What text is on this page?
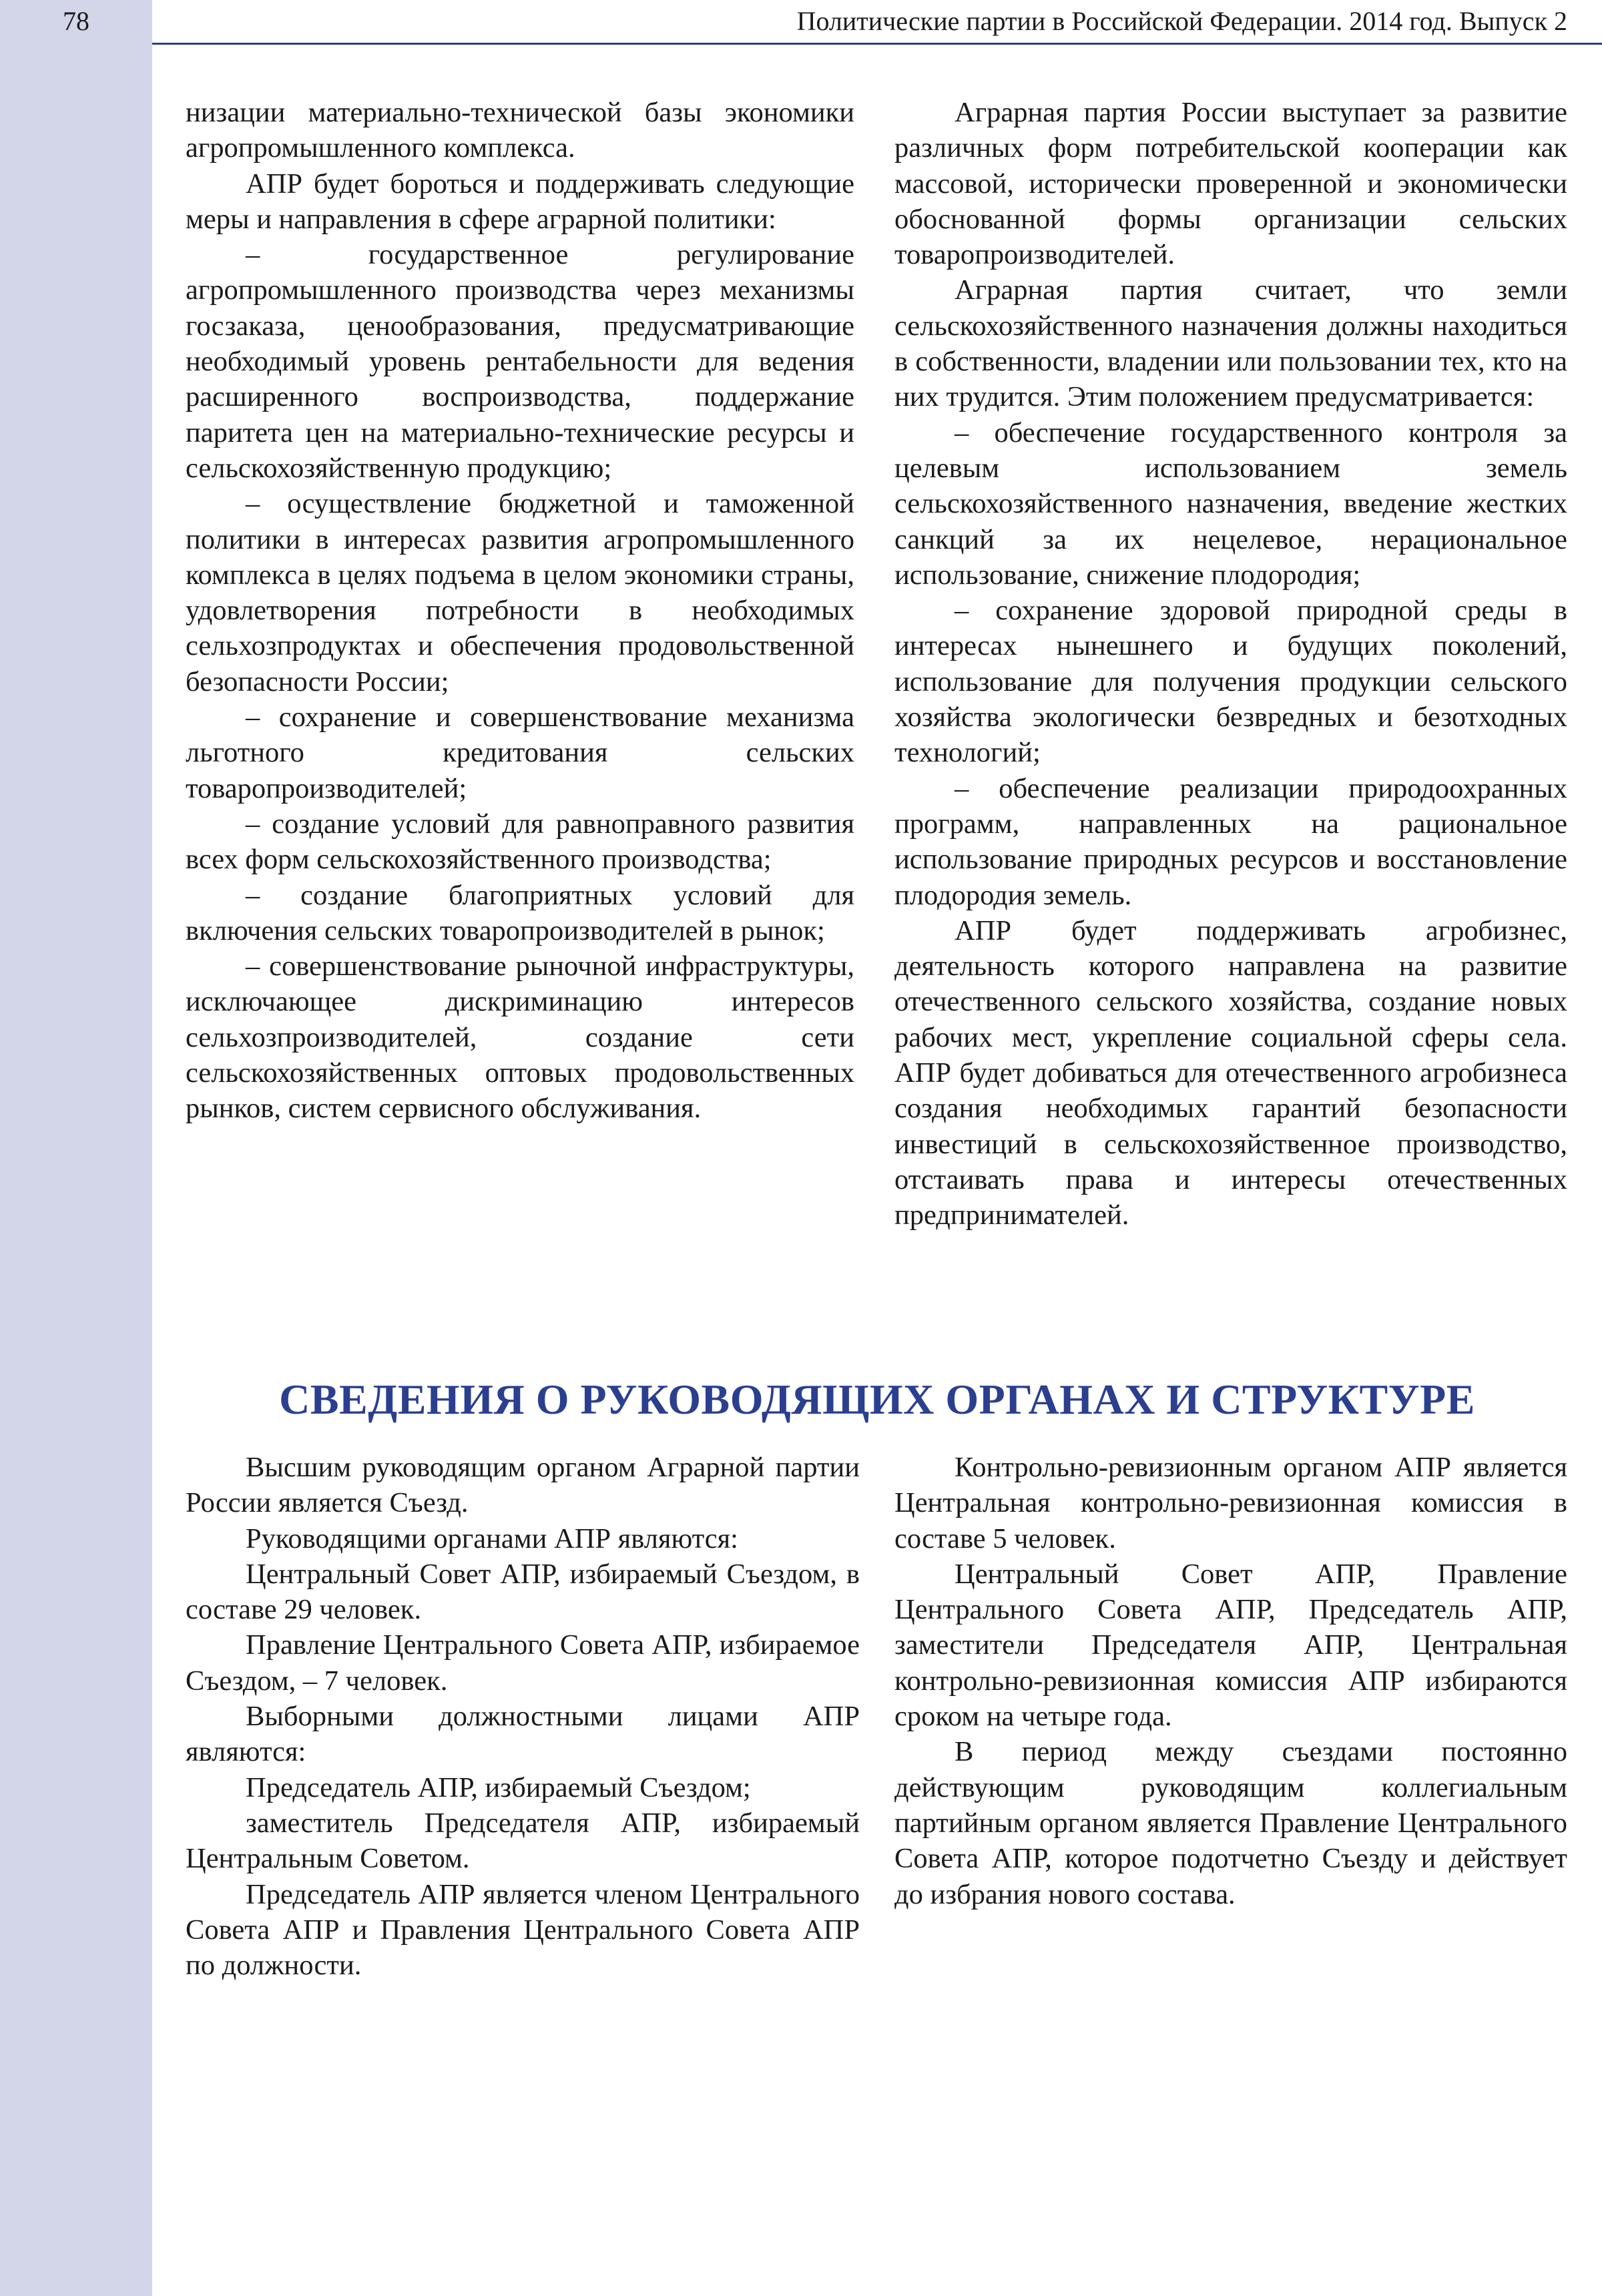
78	Политические партии в Российской Федерации. 2014 год. Выпуск 2

низации материально-технической базы экономики агропромышленного комплекса.

АПР будет бороться и поддерживать следующие меры и направления в сфере аграрной политики:

– государственное регулирование агропромышленного производства через механизмы госзаказа, ценообразования, предусматривающие необходимый уровень рентабельности для ведения расширенного воспроизводства, поддержание паритета цен на материально-технические ресурсы и сельскохозяйственную продукцию;

– осуществление бюджетной и таможенной политики в интересах развития агропромышленного комплекса в целях подъема в целом экономики страны, удовлетворения потребности в необходимых сельхозпродуктах и обеспечения продовольственной безопасности России;

– сохранение и совершенствование механизма льготного кредитования сельских товаропроизводителей;

– создание условий для равноправного развития всех форм сельскохозяйственного производства;

– создание благоприятных условий для включения сельских товаропроизводителей в рынок;

– совершенствование рыночной инфраструктуры, исключающее дискриминацию интересов сельхозпроизводителей, создание сети сельскохозяйственных оптовых продовольственных рынков, систем сервисного обслуживания.

Аграрная партия России выступает за развитие различных форм потребительской кооперации как массовой, исторически проверенной и экономически обоснованной формы организации сельских товаропроизводителей.

Аграрная партия считает, что земли сельскохозяйственного назначения должны находиться в собственности, владении или пользовании тех, кто на них трудится. Этим положением предусматривается:

– обеспечение государственного контроля за целевым использованием земель сельскохозяйственного назначения, введение жестких санкций за их нецелевое, нерациональное использование, снижение плодородия;

– сохранение здоровой природной среды в интересах нынешнего и будущих поколений, использование для получения продукции сельского хозяйства экологически безвредных и безотходных технологий;

– обеспечение реализации природоохранных программ, направленных на рациональное использование природных ресурсов и восстановление плодородия земель.

АПР будет поддерживать агробизнес, деятельность которого направлена на развитие отечественного сельского хозяйства, создание новых рабочих мест, укрепление социальной сферы села. АПР будет добиваться для отечественного агробизнеса создания необходимых гарантий безопасности инвестиций в сельскохозяйственное производство, отстаивать права и интересы отечественных предпринимателей.

СВЕДЕНИЯ О РУКОВОДЯЩИХ ОРГАНАХ И СТРУКТУРЕ

Высшим руководящим органом Аграрной партии России является Съезд.

Руководящими органами АПР являются:

Центральный Совет АПР, избираемый Съездом, в составе 29 человек.

Правление Центрального Совета АПР, избираемое Съездом, – 7 человек.

Выборными должностными лицами АПР являются:

Председатель АПР, избираемый Съездом;

заместитель Председателя АПР, избираемый Центральным Советом.

Председатель АПР является членом Центрального Совета АПР и Правления Центрального Совета АПР по должности.

Контрольно-ревизионным органом АПР является Центральная контрольно-ревизионная комиссия в составе 5 человек.

Центральный Совет АПР, Правление Центрального Совета АПР, Председатель АПР, заместители Председателя АПР, Центральная контрольно-ревизионная комиссия АПР избираются сроком на четыре года.

В период между съездами постоянно действующим руководящим коллегиальным партийным органом является Правление Центрального Совета АПР, которое подотчетно Съезду и действует до избрания нового состава.
